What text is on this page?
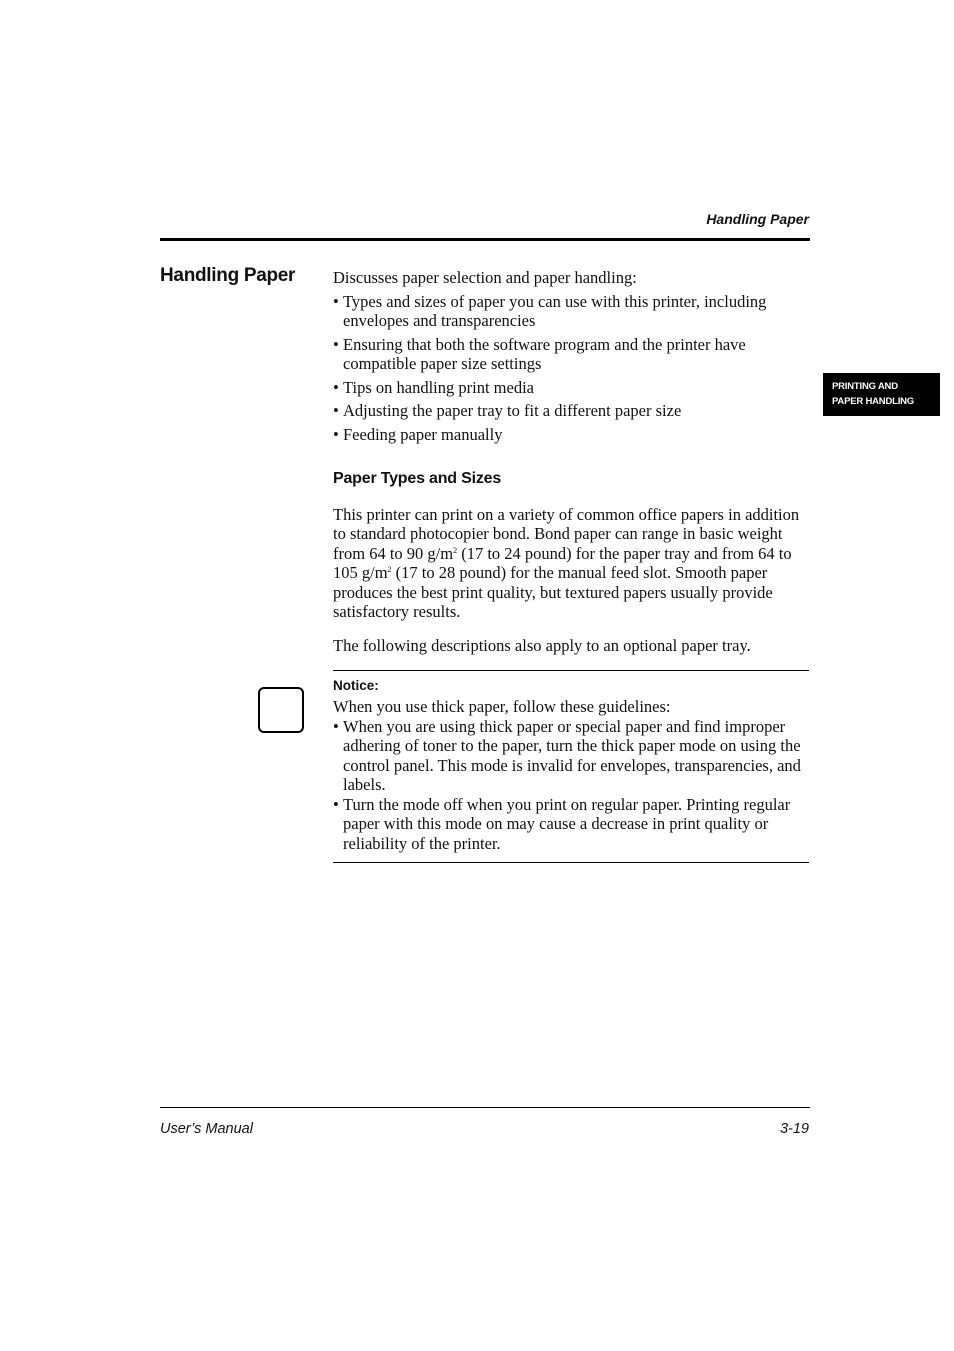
Handling Paper
Handling Paper
PRINTING AND
PAPER HANDLING

Discusses paper selection and paper handling:

• Types and sizes of paper you can use with this printer, including envelopes and transparencies
• Ensuring that both the software program and the printer have compatible paper size settings
• Tips on handling print media
• Adjusting the paper tray to fit a different paper size
• Feeding paper manually
Paper Types and Sizes

This printer can print on a variety of common office papers in addition to standard photocopier bond. Bond paper can range in basic weight from 64 to 90 $g/m^2$ (17 to 24 pound) for the paper tray and from 64 to 105 $g/m^2$ (17 to 28 pound) for the manual feed slot. Smooth paper produces the best print quality, but textured papers usually provide satisfactory results.

The following descriptions also apply to an optional paper tray.

Notice:

When you use thick paper, follow these guidelines:

• When you are using thick paper or special paper and find improper adhering of toner to the paper, turn the thick paper mode on using the control panel. This mode is invalid for envelopes, transparencies, and labels.
• Turn the mode off when you print on regular paper. Printing regular paper with this mode on may cause a decrease in print quality or reliability of the printer.
User’s Manual	3-19
